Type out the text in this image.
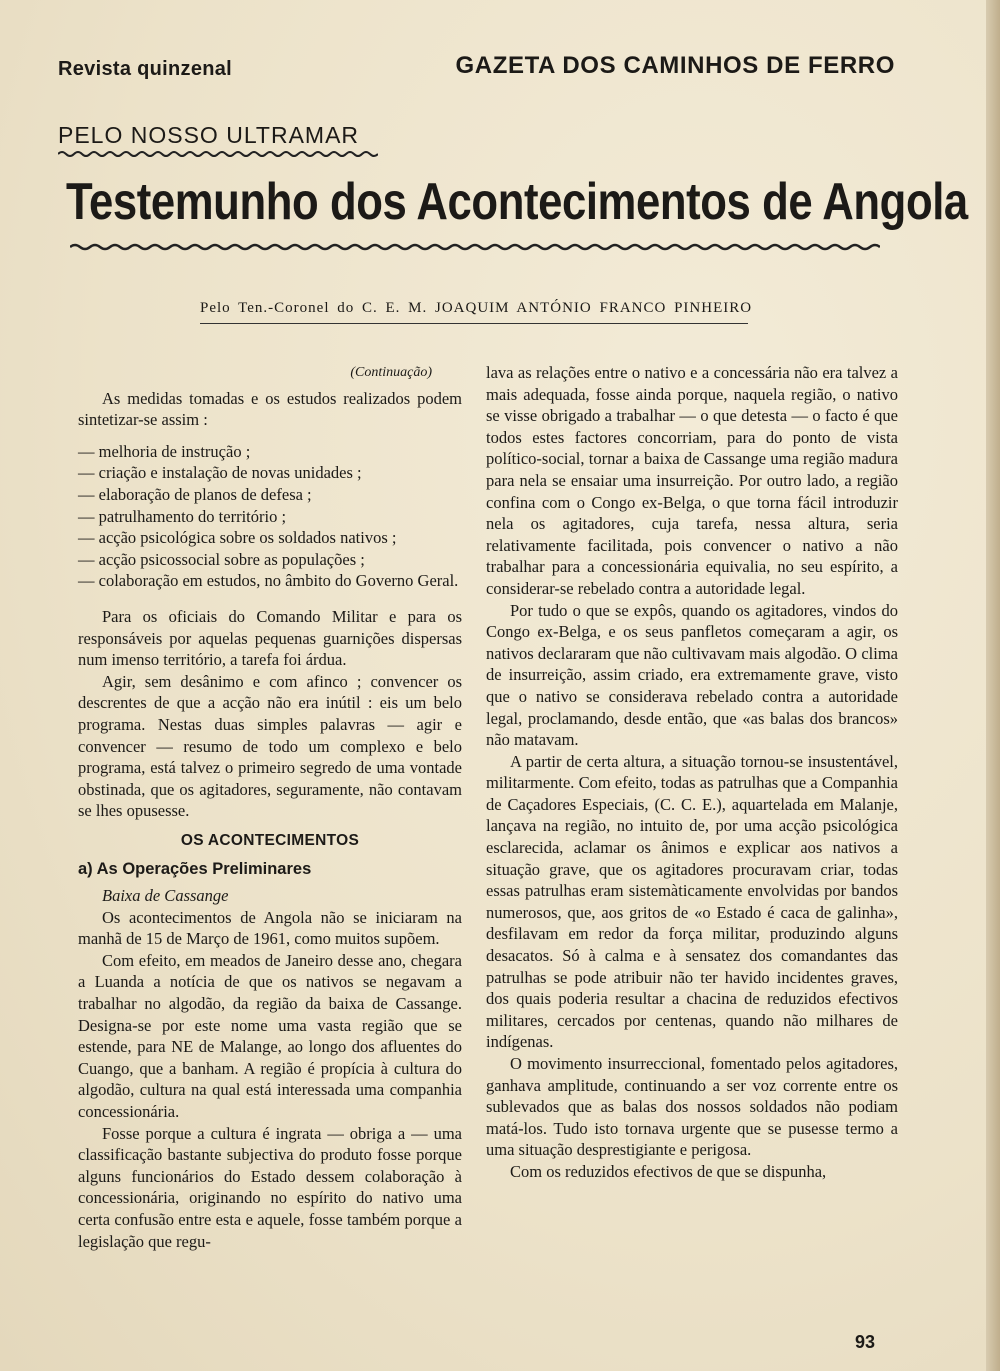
Revista quinzenal	GAZETA DOS CAMINHOS DE FERRO
PELO NOSSO ULTRAMAR
Testemunho dos Acontecimentos de Angola
Pelo Ten.-Coronel do C. E. M. JOAQUIM ANTÓNIO FRANCO PINHEIRO

(Continuação)

As medidas tomadas e os estudos realizados podem sintetizar-se assim :

— melhoria de instrução ;

— criação e instalação de novas unidades ;

— elaboração de planos de defesa ;

— patrulhamento do território ;

— acção psicológica sobre os soldados nativos ;

— acção psicossocial sobre as populações ;

— colaboração em estudos, no âmbito do Governo Geral.

Para os oficiais do Comando Militar e para os responsáveis por aquelas pequenas guarnições dispersas num imenso território, a tarefa foi árdua.

Agir, sem desânimo e com afinco ; convencer os descrentes de que a acção não era inútil : eis um belo programa. Nestas duas simples palavras — agir e convencer — resumo de todo um complexo e belo programa, está talvez o primeiro segredo de uma vontade obstinada, que os agitadores, seguramente, não contavam se lhes opusesse.

OS ACONTECIMENTOS

a) As Operações Preliminares

Baixa de Cassange

Os acontecimentos de Angola não se iniciaram na manhã de 15 de Março de 1961, como muitos supõem.

Com efeito, em meados de Janeiro desse ano, chegara a Luanda a notícia de que os nativos se negavam a trabalhar no algodão, da região da baixa de Cassange. Designa-se por este nome uma vasta região que se estende, para NE de Malange, ao longo dos afluentes do Cuango, que a banham. A região é propícia à cultura do algodão, cultura na qual está interessada uma companhia concessionária.

Fosse porque a cultura é ingrata — obriga a — uma classificação bastante subjectiva do produto fosse porque alguns funcionários do Estado dessem colaboração à concessionária, originando no espírito do nativo uma certa confusão entre esta e aquele, fosse também porque a legislação que regu-

lava as relações entre o nativo e a concessária não era talvez a mais adequada, fosse ainda porque, naquela região, o nativo se visse obrigado a trabalhar — o que detesta — o facto é que todos estes factores concorriam, para do ponto de vista político-social, tornar a baixa de Cassange uma região madura para nela se ensaiar uma insurreição. Por outro lado, a região confina com o Congo ex-Belga, o que torna fácil introduzir nela os agitadores, cuja tarefa, nessa altura, seria relativamente facilitada, pois convencer o nativo a não trabalhar para a concessionária equivalia, no seu espírito, a considerar-se rebelado contra a autoridade legal.

Por tudo o que se expôs, quando os agitadores, vindos do Congo ex-Belga, e os seus panfletos começaram a agir, os nativos declararam que não cultivavam mais algodão. O clima de insurreição, assim criado, era extremamente grave, visto que o nativo se considerava rebelado contra a autoridade legal, proclamando, desde então, que «as balas dos brancos» não matavam.

A partir de certa altura, a situação tornou-se insustentável, militarmente. Com efeito, todas as patrulhas que a Companhia de Caçadores Especiais, (C. C. E.), aquartelada em Malanje, lançava na região, no intuito de, por uma acção psicológica esclarecida, aclamar os ânimos e explicar aos nativos a situação grave, que os agitadores procuravam criar, todas essas patrulhas eram sistemàticamente envolvidas por bandos numerosos, que, aos gritos de «o Estado é caca de galinha», desfilavam em redor da força militar, produzindo alguns desacatos. Só à calma e à sensatez dos comandantes das patrulhas se pode atribuir não ter havido incidentes graves, dos quais poderia resultar a chacina de reduzidos efectivos militares, cercados por centenas, quando não milhares de indígenas.

O movimento insurreccional, fomentado pelos agitadores, ganhava amplitude, continuando a ser voz corrente entre os sublevados que as balas dos nossos soldados não podiam matá-los. Tudo isto tornava urgente que se pusesse termo a uma situação desprestigiante e perigosa.

Com os reduzidos efectivos de que se dispunha,

93
